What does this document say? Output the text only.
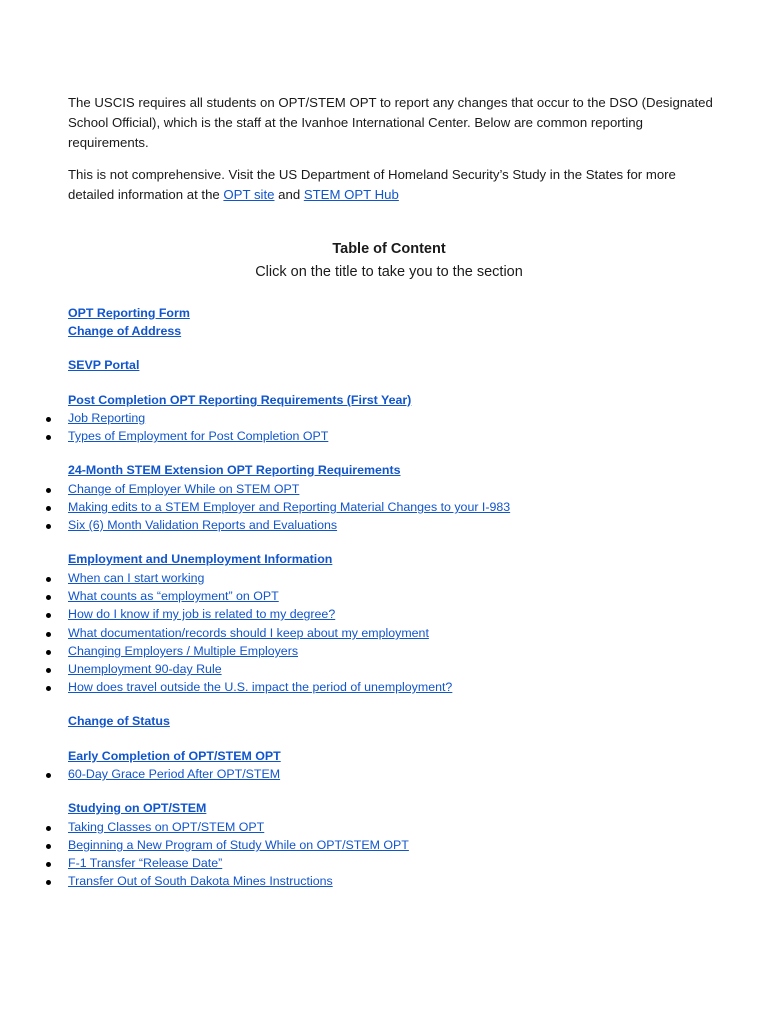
The USCIS requires all students on OPT/STEM OPT to report any changes that occur to the DSO (Designated School Official), which is the staff at the Ivanhoe International Center. Below are common reporting requirements.

This is not comprehensive. Visit the US Department of Homeland Security’s Study in the States for more detailed information at the OPT site and STEM OPT Hub

Table of Content
Click on the title to take you to the section
OPT Reporting Form
Change of Address
SEVP Portal
Post Completion OPT Reporting Requirements (First Year)
Job Reporting
Types of Employment for Post Completion OPT
24-Month STEM Extension OPT Reporting Requirements
Change of Employer While on STEM OPT
Making edits to a STEM Employer and Reporting Material Changes to your I-983
Six (6) Month Validation Reports and Evaluations
Employment and Unemployment Information
When can I start working
What counts as “employment” on OPT
How do I know if my job is related to my degree?
What documentation/records should I keep about my employment
Changing Employers / Multiple Employers
Unemployment 90-day Rule
How does travel outside the U.S. impact the period of unemployment?
Change of Status
Early Completion of OPT/STEM OPT
60-Day Grace Period After OPT/STEM
Studying on OPT/STEM
Taking Classes on OPT/STEM OPT
Beginning a New Program of Study While on OPT/STEM OPT
F-1 Transfer “Release Date”
Transfer Out of South Dakota Mines Instructions
